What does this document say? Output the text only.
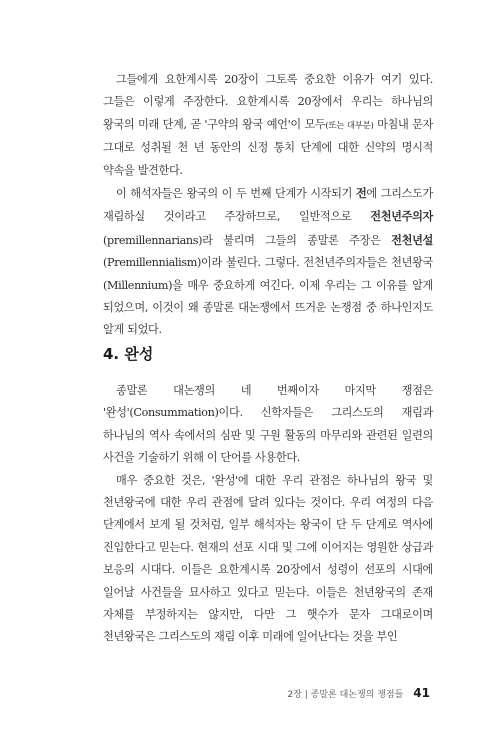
그들에게 요한계시록 20장이 그토록 중요한 이유가 여기 있다. 그들은 이렇게 주장한다. 요한계시록 20장에서 우리는 하나님의 왕국의 미래 단계, 곧 '구약의 왕국 예언'이 모두(또는 대부분) 마침내 문자 그대로 성취될 천 년 동안의 신정 통치 단계에 대한 신약의 명시적 약속을 발견한다.

이 해석자들은 왕국의 이 두 번째 단계가 시작되기 전에 그리스도가 재림하실 것이라고 주장하므로, 일반적으로 전천년주의자(premillennarians)라 불리며 그들의 종말론 주장은 전천년설(Premillennialism)이라 불린다. 그렇다. 전천년주의자들은 천년왕국(Millennium)을 매우 중요하게 여긴다. 이제 우리는 그 이유를 알게 되었으며, 이것이 왜 종말론 대논쟁에서 뜨거운 논쟁점 중 하나인지도 알게 되었다.

4. 완성

종말론 대논쟁의 네 번째이자 마지막 쟁점은 '완성'(Consummation)이다. 신학자들은 그리스도의 재림과 하나님의 역사 속에서의 심판 및 구원 활동의 마무리와 관련된 일련의 사건을 기술하기 위해 이 단어를 사용한다.

매우 중요한 것은, '완성'에 대한 우리 관점은 하나님의 왕국 및 천년왕국에 대한 우리 관점에 달려 있다는 것이다. 우리 여정의 다음 단계에서 보게 될 것처럼, 일부 해석자는 왕국이 단 두 단계로 역사에 진입한다고 믿는다. 현재의 선포 시대 및 그에 이어지는 영원한 상급과 보응의 시대다. 이들은 요한계시록 20장에서 성령이 선포의 시대에 일어날 사건들을 묘사하고 있다고 믿는다. 이들은 천년왕국의 존재 자체를 부정하지는 않지만, 다만 그 햇수가 문자 그대로이며 천년왕국은 그리스도의 재림 이후 미래에 일어난다는 것을 부인

2장 | 종말론 대논쟁의 쟁점들 41
